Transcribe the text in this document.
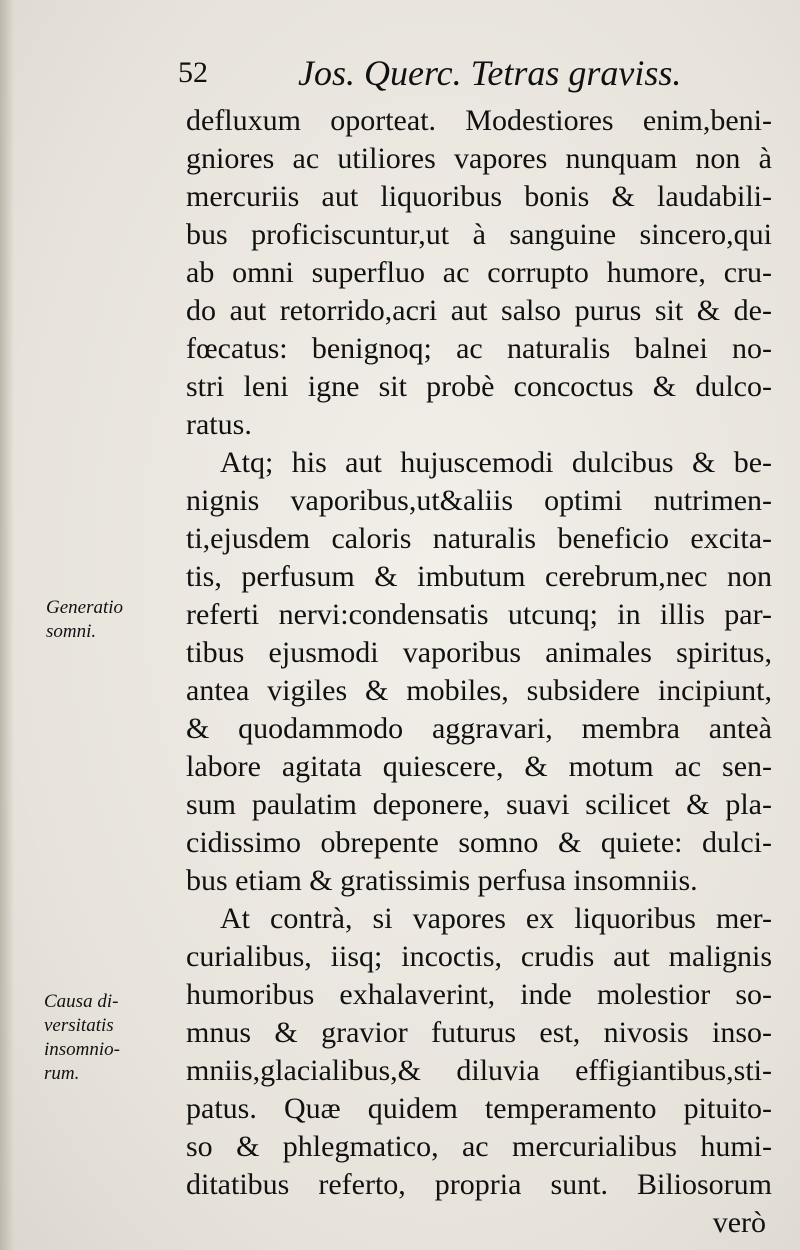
52	Jos. Querc. Tetras graviss.
Generatio
somni.
Causa di-
versitatis
insomnio-
rum.
defluxum oporteat. Modestiores enim,beni-
gniores ac utiliores vapores nunquam non à
mercuriis aut liquoribus bonis & laudabili-
bus proficiscuntur,ut à sanguine sincero,qui
ab omni superfluo ac corrupto humore, cru-
do aut retorrido,acri aut salso purus sit & de-
fœcatus: benignoq; ac naturalis balnei no-
stri leni igne sit probè concoctus & dulco-
ratus.
Atq; his aut hujuscemodi dulcibus & be-
nignis vaporibus,ut&aliis optimi nutrimen-
ti,ejusdem caloris naturalis beneficio excita-
tis, perfusum & imbutum cerebrum,nec non
referti nervi:condensatis utcunq; in illis par-
tibus ejusmodi vaporibus animales spiritus,
antea vigiles & mobiles, subsidere incipiunt,
& quodammodo aggravari, membra anteà
labore agitata quiescere, & motum ac sen-
sum paulatim deponere, suavi scilicet & pla-
cidissimo obrepente somno & quiete: dulci-
bus etiam & gratissimis perfusa insomniis.
At contrà, si vapores ex liquoribus mer-
curialibus, iisq; incoctis, crudis aut malignis
humoribus exhalaverint, inde molestior so-
mnus & gravior futurus est, nivosis inso-
mniis,glacialibus,& diluvia effigiantibus,sti-
patus. Quæ quidem temperamento pituito-
so & phlegmatico, ac mercurialibus humi-
ditatibus referto, propria sunt. Biliosorum
verò
